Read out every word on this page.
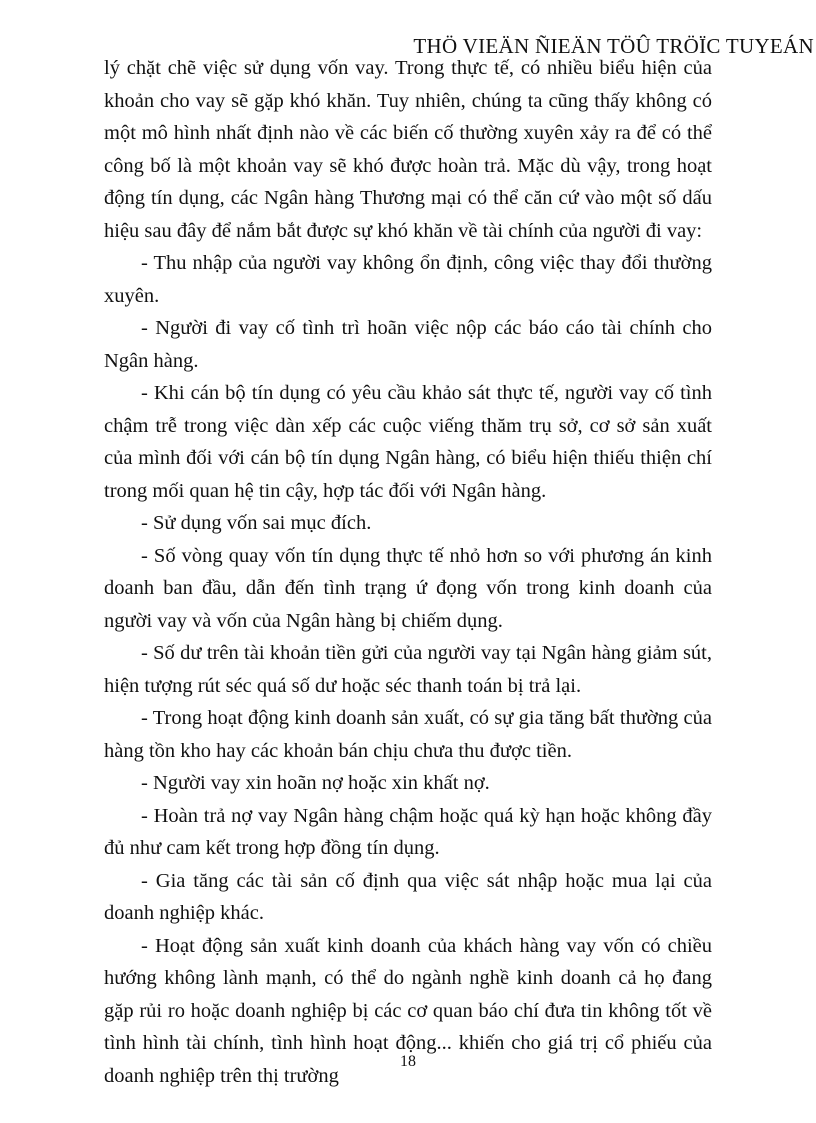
THÖ VIEÄN ÑIEÄN TÖÛ TRÖÏC TUYEÁN

lý chặt chẽ việc sử dụng vốn vay. Trong thực tế, có nhiều biểu hiện của khoản cho vay sẽ gặp khó khăn. Tuy nhiên, chúng ta cũng thấy không có một mô hình nhất định nào về các biến cố thường xuyên xảy ra để có thể công bố là một khoản vay sẽ khó được hoàn trả. Mặc dù vậy, trong hoạt động tín dụng, các Ngân hàng Thương mại có thể căn cứ vào một số dấu hiệu sau đây để nắm bắt được sự khó khăn về tài chính của người đi vay:

- Thu nhập của người vay không ổn định, công việc thay đổi thường xuyên.

- Người đi vay cố tình trì hoãn việc nộp các báo cáo tài chính cho Ngân hàng.

- Khi cán bộ tín dụng có yêu cầu khảo sát thực tế, người vay cố tình chậm trễ trong việc dàn xếp các cuộc viếng thăm trụ sở, cơ sở sản xuất của mình đối với cán bộ tín dụng Ngân hàng, có biểu hiện thiếu thiện chí trong mối quan hệ tin cậy, hợp tác đối với Ngân hàng.

- Sử dụng vốn sai mục đích.

- Số vòng quay vốn tín dụng thực tế nhỏ hơn so với phương án kinh doanh ban đầu, dẫn đến tình trạng ứ đọng vốn trong kinh doanh của người vay và vốn của Ngân hàng bị chiếm dụng.

- Số dư trên tài khoản tiền gửi của người vay tại Ngân hàng giảm sút, hiện tượng rút séc quá số dư hoặc séc thanh toán bị trả lại.

- Trong hoạt động kinh doanh sản xuất, có sự gia tăng bất thường của hàng tồn kho hay các khoản bán chịu chưa thu được tiền.

- Người vay xin hoãn nợ hoặc xin khất nợ.

- Hoàn trả nợ vay Ngân hàng chậm hoặc quá kỳ hạn hoặc không đầy đủ như cam kết trong hợp đồng tín dụng.

- Gia tăng các tài sản cố định qua việc sát nhập hoặc mua lại của doanh nghiệp khác.

- Hoạt động sản xuất kinh doanh của khách hàng vay vốn có chiều hướng không lành mạnh, có thể do ngành nghề kinh doanh cả họ đang gặp rủi ro hoặc doanh nghiệp bị các cơ quan báo chí đưa tin không tốt về tình hình tài chính, tình hình hoạt động... khiến cho giá trị cổ phiếu của doanh nghiệp trên thị trường

18
